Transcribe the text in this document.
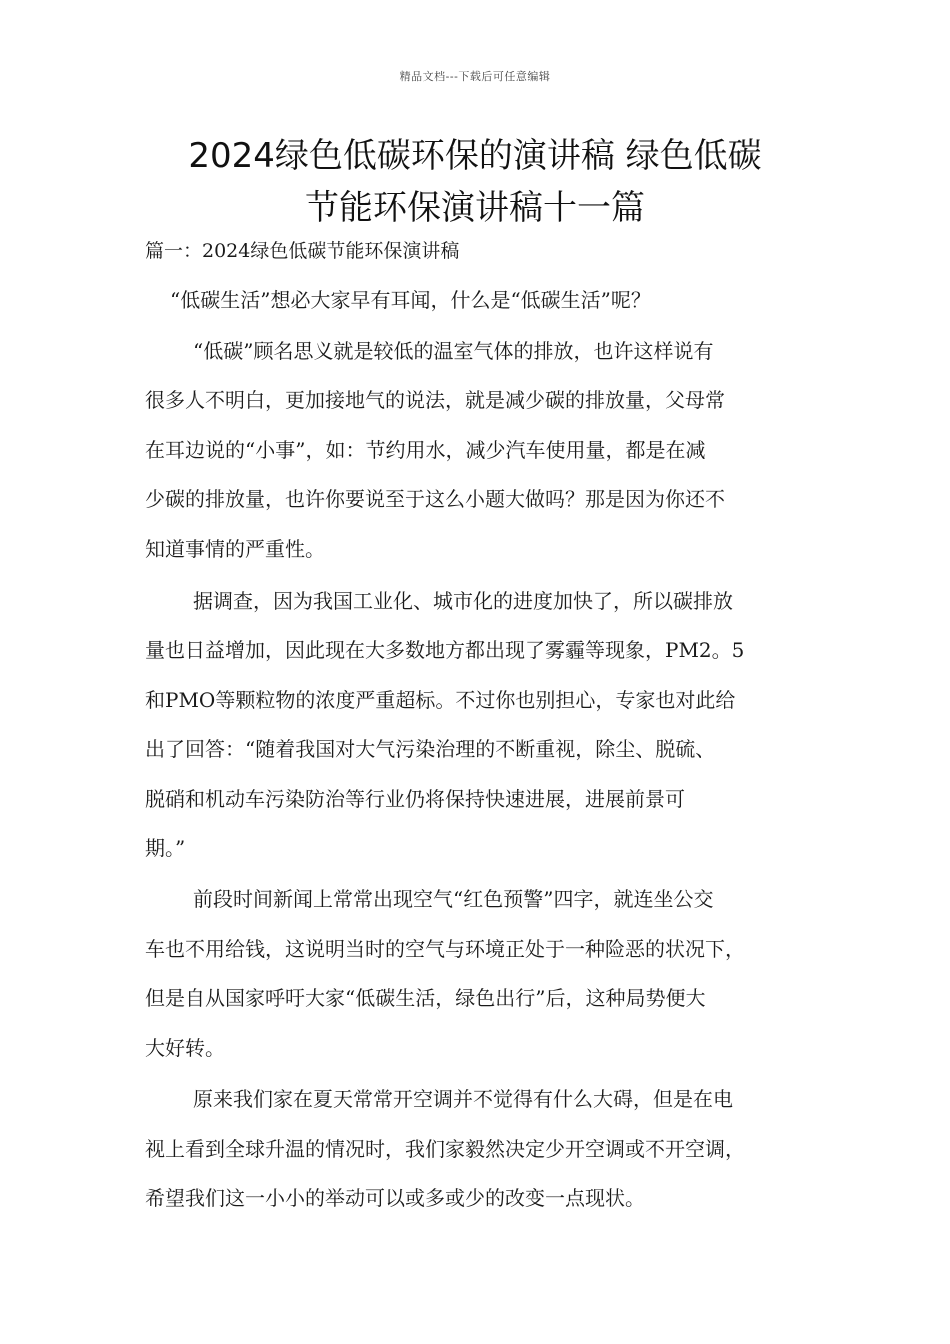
精品文档---下载后可任意编辑
2024绿色低碳环保的演讲稿 绿色低碳
节能环保演讲稿十一篇
篇一：2024绿色低碳节能环保演讲稿
“低碳生活”想必大家早有耳闻，什么是“低碳生活”呢？
“低碳”顾名思义就是较低的温室气体的排放，也许这样说有
很多人不明白，更加接地气的说法，就是减少碳的排放量，父母常
在耳边说的“小事”，如：节约用水，减少汽车使用量，都是在减
少碳的排放量，也许你要说至于这么小题大做吗？那是因为你还不
知道事情的严重性。
据调查，因为我国工业化、城市化的进度加快了，所以碳排放
量也日益增加，因此现在大多数地方都出现了雾霾等现象，PM2。5
和PMO等颗粒物的浓度严重超标。不过你也别担心，专家也对此给
出了回答：“随着我国对大气污染治理的不断重视，除尘、脱硫、
脱硝和机动车污染防治等行业仍将保持快速进展，进展前景可
期。”
前段时间新闻上常常出现空气“红色预警”四字，就连坐公交
车也不用给钱，这说明当时的空气与环境正处于一种险恶的状况下，
但是自从国家呼吁大家“低碳生活，绿色出行”后，这种局势便大
大好转。
原来我们家在夏天常常开空调并不觉得有什么大碍，但是在电
视上看到全球升温的情况时，我们家毅然决定少开空调或不开空调，
希望我们这一小小的举动可以或多或少的改变一点现状。
